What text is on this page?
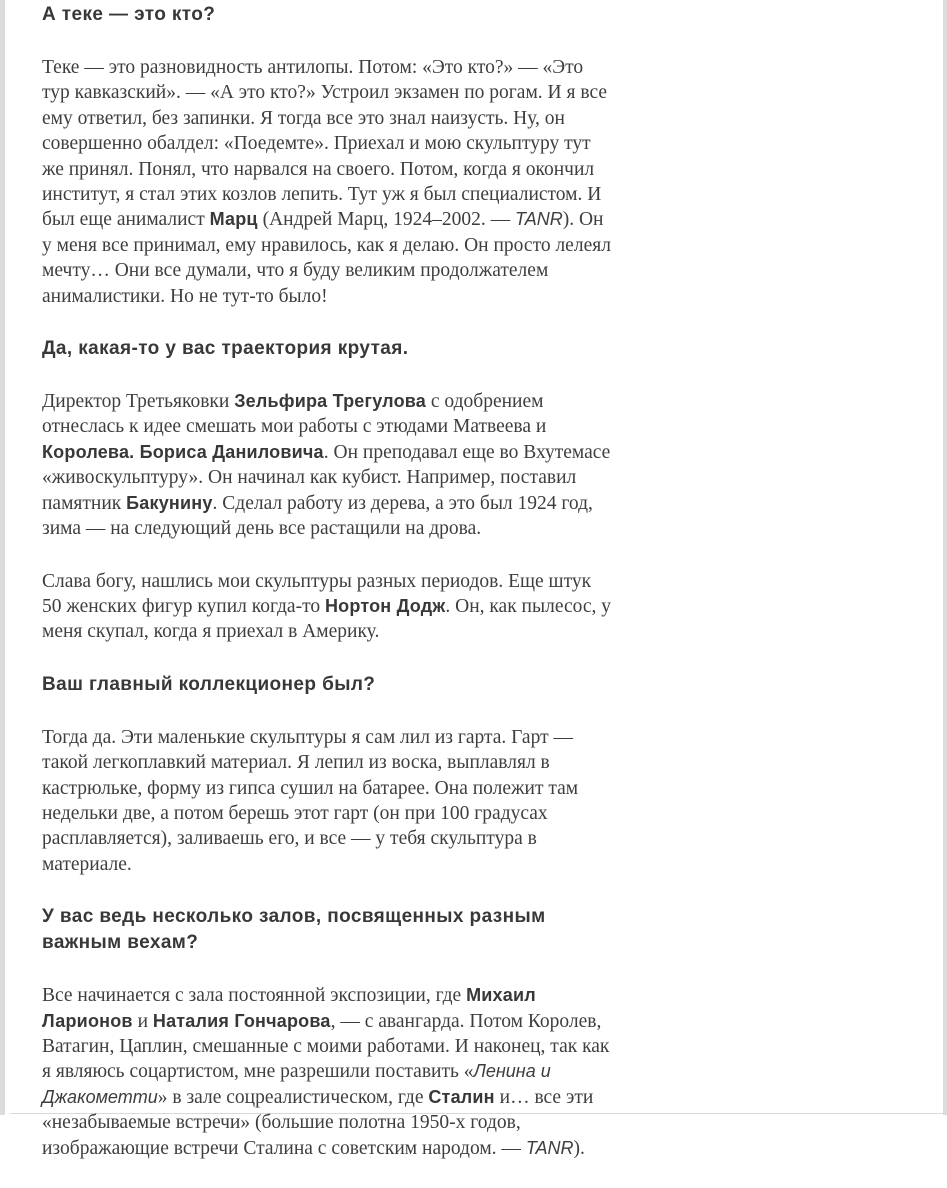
А теке — это кто?

Теке — это разновидность антилопы. Потом: «Это кто?» — «Это тур кавказский». — «А это кто?» Устроил экзамен по рогам. И я все ему ответил, без запинки. Я тогда все это знал наизусть. Ну, он совершенно обалдел: «Поедемте». Приехал и мою скульптуру тут же принял. Понял, что нарвался на своего. Потом, когда я окончил институт, я стал этих козлов лепить. Тут уж я был специалистом. И был еще анималист Марц (Андрей Марц, 1924–2002. — TANR). Он у меня все принимал, ему нравилось, как я делаю. Он просто лелеял мечту… Они все думали, что я буду великим продолжателем анималистики. Но не тут-то было!

Да, какая-то у вас траектория крутая.

Директор Третьяковки Зельфира Трегулова с одобрением отнеслась к идее смешать мои работы с этюдами Матвеева и Королева. Бориса Даниловича. Он преподавал еще во Вхутемасе «живоскульптуру». Он начинал как кубист. Например, поставил памятник Бакунину. Сделал работу из дерева, а это был 1924 год, зима — на следующий день все растащили на дрова.

Слава богу, нашлись мои скульптуры разных периодов. Еще штук 50 женских фигур купил когда-то Нортон Додж. Он, как пылесос, у меня скупал, когда я приехал в Америку.

Ваш главный коллекционер был?

Тогда да. Эти маленькие скульптуры я сам лил из гарта. Гарт — такой легкоплавкий материал. Я лепил из воска, выплавлял в кастрюльке, форму из гипса сушил на батарее. Она полежит там недельки две, а потом берешь этот гарт (он при 100 градусах расплавляется), заливаешь его, и все — у тебя скульптура в материале.

У вас ведь несколько залов, посвященных разным важным вехам?

Все начинается с зала постоянной экспозиции, где Михаил Ларионов и Наталия Гончарова, — с авангарда. Потом Королев, Ватагин, Цаплин, смешанные с моими работами. И наконец, так как я являюсь соцартистом, мне разрешили поставить «Ленина и Джакометти» в зале соцреалистическом, где Сталин и… все эти «незабываемые встречи» (большие полотна 1950-х годов, изображающие встречи Сталина с советским народом. — TANR).
